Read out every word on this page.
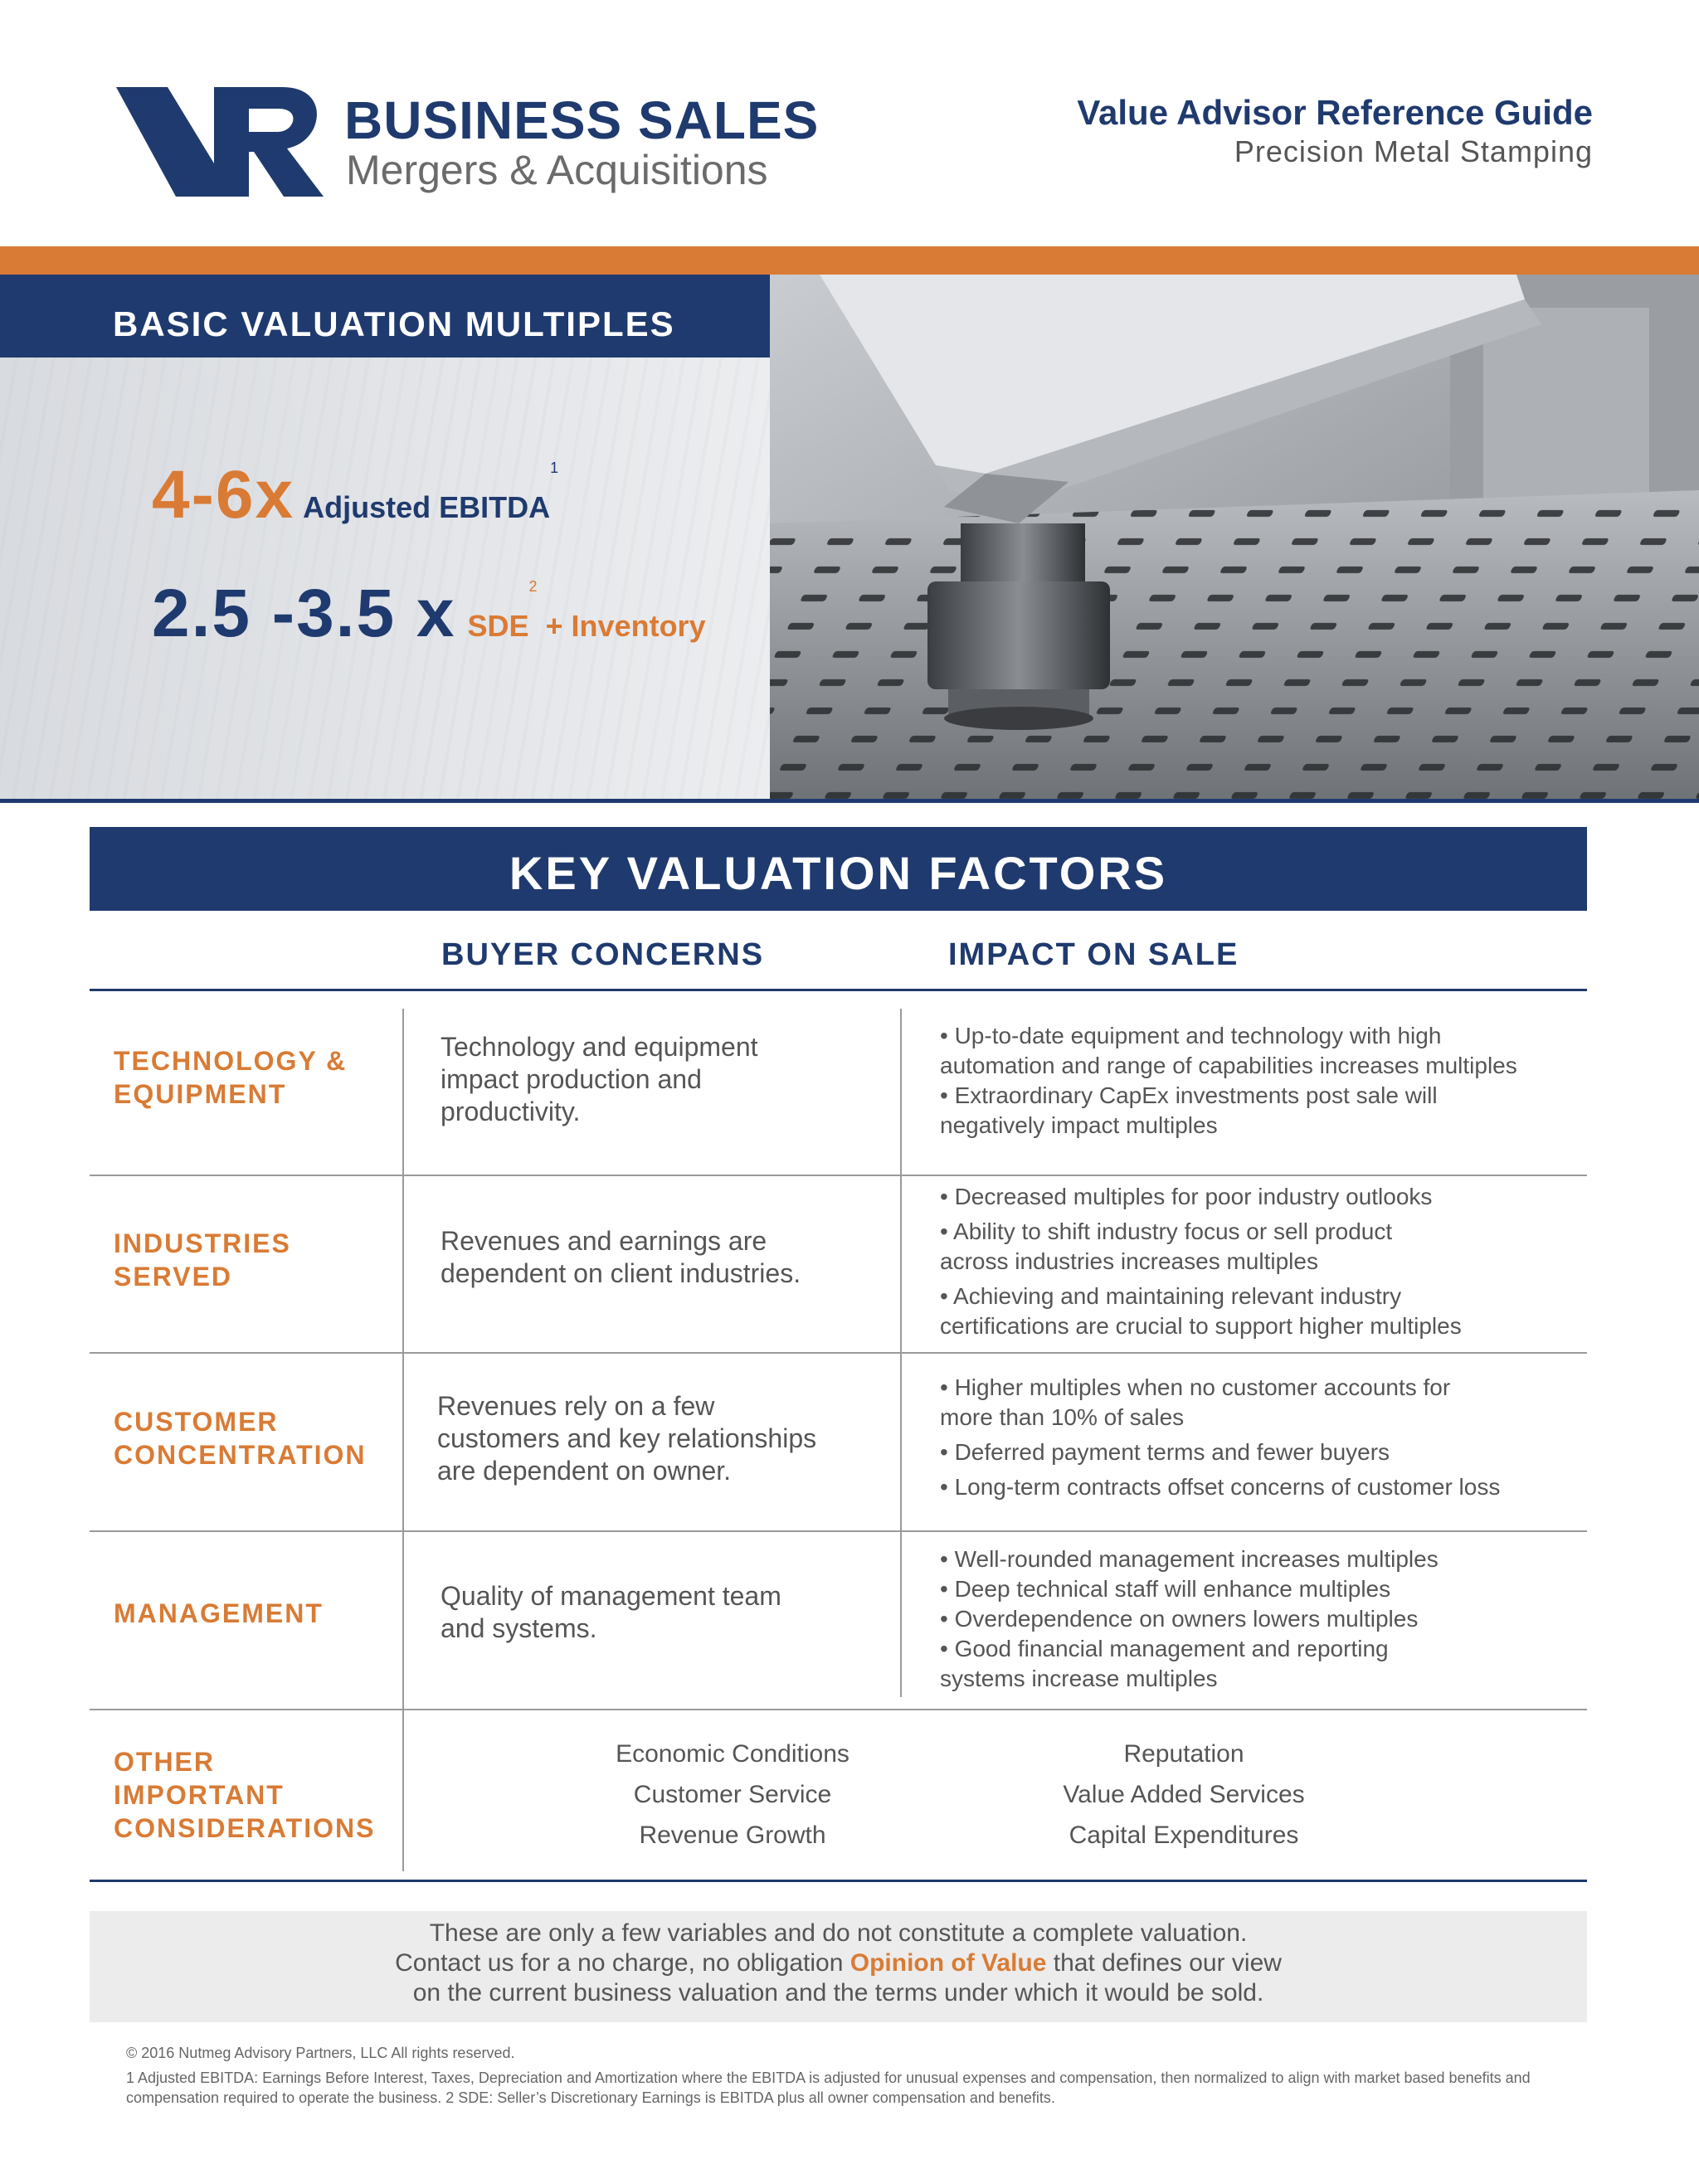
BUSINESS SALES
Mergers & Acquisitions
Value Advisor Reference Guide
Precision Metal Stamping
BASIC VALUATION MULTIPLES
4-6x Adjusted EBITDA$^1$
2.5 -3.5 x SDE$^2$ + Inventory
KEY VALUATION FACTORS
BUYER CONCERNS	IMPACT ON SALE
TECHNOLOGY &
EQUIPMENT
Technology and equipment
impact production and
productivity.
• Up-to-date equipment and technology with high
automation and range of capabilities increases multiples
• Extraordinary CapEx investments post sale will
negatively impact multiples
INDUSTRIES
SERVED
Revenues and earnings are
dependent on client industries.
• Decreased multiples for poor industry outlooks
• Ability to shift industry focus or sell product
across industries increases multiples
• Achieving and maintaining relevant industry
certifications are crucial to support higher multiples
CUSTOMER
CONCENTRATION
Revenues rely on a few
customers and key relationships
are dependent on owner.
• Higher multiples when no customer accounts for
more than 10% of sales
• Deferred payment terms and fewer buyers
• Long-term contracts offset concerns of customer loss
MANAGEMENT
Quality of management team
and systems.
• Well-rounded management increases multiples
• Deep technical staff will enhance multiples
• Overdependence on owners lowers multiples
• Good financial management and reporting
systems increase multiples
OTHER
IMPORTANT
CONSIDERATIONS
Economic Conditions
Customer Service
Revenue Growth
Reputation
Value Added Services
Capital Expenditures
These are only a few variables and do not constitute a complete valuation.
Contact us for a no charge, no obligation Opinion of Value that defines our view
on the current business valuation and the terms under which it would be sold.
© 2016 Nutmeg Advisory Partners, LLC All rights reserved.
1 Adjusted EBITDA: Earnings Before Interest, Taxes, Depreciation and Amortization where the EBITDA is adjusted for unusual expenses and compensation, then normalized to align with market based benefits and compensation required to operate the business. 2 SDE: Seller’s Discretionary Earnings is EBITDA plus all owner compensation and benefits.
